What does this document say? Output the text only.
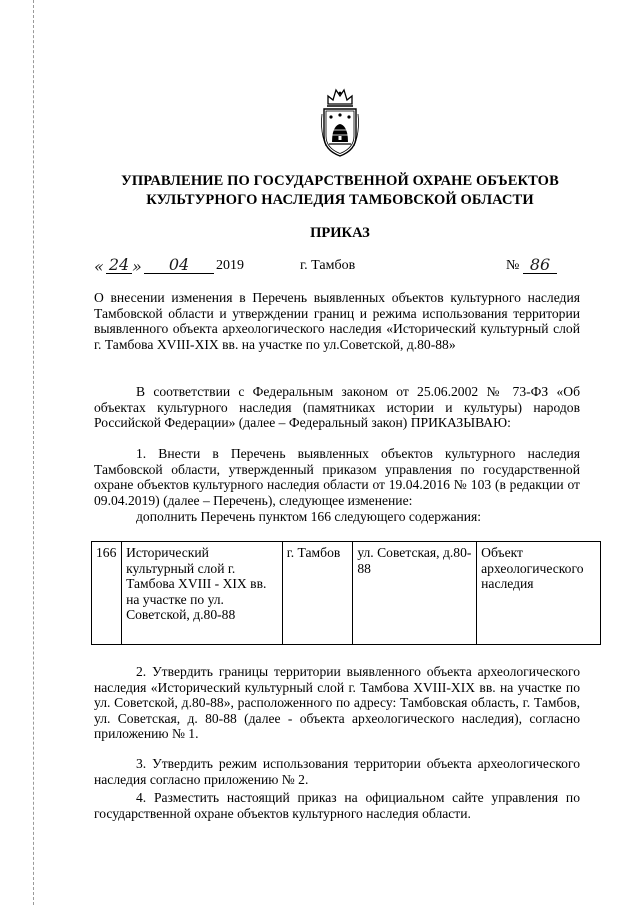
УПРАВЛЕНИЕ ПО ГОСУДАРСТВЕННОЙ ОХРАНЕ ОБЪЕКТОВ
КУЛЬТУРНОГО НАСЛЕДИЯ ТАМБОВСКОЙ ОБЛАСТИ
ПРИКАЗ
« 24 »	04	2019	г. Тамбов	№ 86
О внесении изменения в Перечень выявленных объектов культурного наследия Тамбовской области и утверждении границ и режима использования территории выявленного объекта археологического наследия «Исторический культурный слой г. Тамбова XVIII-XIX вв. на участке по ул.Советской, д.80-88»
В соответствии с Федеральным законом от 25.06.2002 № 73-ФЗ «Об объектах культурного наследия (памятниках истории и культуры) народов Российской Федерации» (далее – Федеральный закон) ПРИКАЗЫВАЮ:
1. Внести в Перечень выявленных объектов культурного наследия Тамбовской области, утвержденный приказом управления по государственной охране объектов культурного наследия области от 19.04.2016 № 103 (в редакции от 09.04.2019) (далее – Перечень), следующее изменение:
дополнить Перечень пунктом 166 следующего содержания:
166	Исторический культурный слой г. Тамбова XVIII - XIX вв. на участке по ул. Советской, д.80-88	г. Тамбов	ул. Советская, д.80-88	Объект археологического наследия
2. Утвердить границы территории выявленного объекта археологического наследия «Исторический культурный слой г. Тамбова XVIII-XIX вв. на участке по ул. Советской, д.80-88», расположенного по адресу: Тамбовская область, г. Тамбов, ул. Советская, д. 80-88 (далее - объекта археологического наследия), согласно приложению № 1.
3. Утвердить режим использования территории объекта археологического наследия согласно приложению № 2.
4. Разместить настоящий приказ на официальном сайте управления по государственной охране объектов культурного наследия области.
